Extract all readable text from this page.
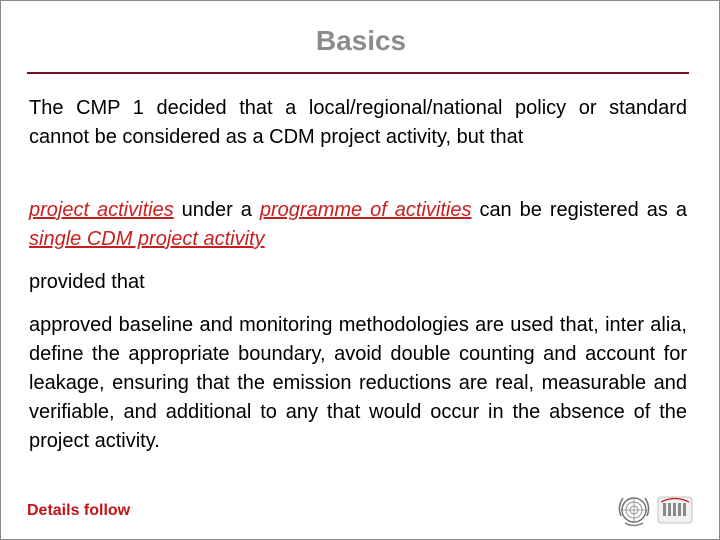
Basics
The CMP 1 decided that a local/regional/national policy or standard cannot be considered as a CDM project activity, but that
project activities under a programme of activities can be registered as a single CDM project activity
provided that
approved baseline and monitoring methodologies are used that, inter alia, define the appropriate boundary, avoid double counting and account for leakage, ensuring that the emission reductions are real, measurable and verifiable, and additional to any that would occur in the absence of the project activity.
Details follow
